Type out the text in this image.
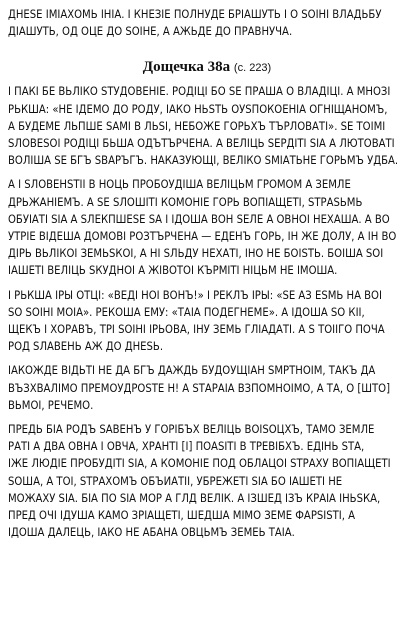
ДНЕSЕ ІМІАХОМЬ ІНІА. І КНЕЗІЕ ПОЛНУДЕ БРІАШУТЬ І О SОІНІ ВЛАДЬБУ
ДІАШУТЬ, ОД ОЦЕ ДО SОІНЕ, А АЖЬДЕ ДО ПРАВНУЧА.

Дощечка 38а (с. 223)

І ПАКІ БЕ ВЬЛІКО SТУДОВЕНІЕ. РОДІЦІ БО SE ПРАША О ВЛАДІЦІ. А МНОЗІ
РЬКША: «НЕ ІДЕМО ДО РОДУ, ІАКО НЬSТЬ ОУSПОКОЕНІА ОГНІЩАНОМЪ,
А БУДЕМЕ ЛЬПШЕ SАМІ В ЛЬSІ, НЕБОЖЕ ГОРЬХЪ ТЪРЛОВАТІ». SE ТОІМІ
SЛОВЕSОІ РОДІЦІ БЬША ОДЪТЪРЧЕНА. А ВЕЛІЦЬ SЕРДІТІ SІА А ЛЮТОВАТІ
ВОЛІША SE БГЪ SВАРЪГЪ. НАКАЗУЮЩІ, ВЕЛІКО SМІАТЬНЕ ГОРЬМЪ УДБА.

А І SЛОВЕНSТІІ В НОЦЬ ПРОБОУДІША ВЕЛІЦЬМ ГРОМОМ А ЗЕМЛЕ
ДРЬЖАНІЕМЪ. А SE SЛОШІТІ КОМОНІЕ ГОРЬ ВОПІАЩЕТІ, SТРАSЬМЬ
ОБУІАТІ SІА А SЛЕКПШЕSЕ SА І ІДОША ВОН SЕЛЕ А ОВНОІ НЕХАША. А ВО
УТРІЕ ВІДЕША ДОМОВІ РОЗТЪРЧЕНА — ЕДЕНЪ ГОРЬ, ІН ЖЕ ДОЛУ, А ІН ВО
ДІРЬ ВЬЛІКОІ ЗЕМЬSКОІ, А НІ SЛЬДУ НЕХАТІ, ІНО НЕ БОІSТЬ. БОІША SОІ
ІАШЕТІ ВЕЛІЦЬ SКУДНОІ А ЖІВОТОІ КЪРМІТІ НІЦЬМ НЕ ІМОША.

І РЬКША ІРЫ ОТЦІ: «ВЕДІ НОІ ВОНЪ!» І РЕКЛЪ ІРЫ: «SЕ АЗ ЕSМЬ НА ВОІ
SО SОІНІ МОІА». РЕКОША ЕМУ: «ТАІА ПОДЕГНЕМЕ». А ІДОША SО КІІ,
ЩЕКЪ І ХОРАВЪ, ТРІ SОІНІ ІРЬОВА, ІНУ ЗЕМЬ ГЛІАДАТІ. А S ТОІІГО ПОЧА
РОД SЛАВЕНЬ АЖ ДО ДНЕSЬ.

ІАКОЖДЕ ВІДЬТІ НЕ ДА БГЪ ДАЖДЬ БУДОУЩІАН SМРТНОІМ, ТАКЪ ДА
ВЪЗХВАЛІМО ПРЕМОУДРОSТЕ Н! А SТАРАІА ВЗПОМНОІМО, А ТА, О [ШТО]
ВЬМОІ, РЕЧЕМО.

ПРЕДЬ БІА РОДЪ SАВЕНЪ У ГОРІБЪХ ВЕЛІЦЬ ВОІSОЦХЪ, ТАМО ЗЕМЛЕ
РАТІ А ДВА ОВНА І ОВЧА, ХРАНТІ [І] ПОАSІТІ В ТРЕВІБХЪ. ЕДІНЬ SТА,
ІЖЕ ЛЮДІЕ ПРОБУДІТІ SІА, А КОМОНІЕ ПОД ОБЛАЦОІ SТРАХУ ВОПІАЩЕТІ
SОША, А ТОІ, SТРАХОМЪ ОБЪИАТІІ, УБРЕЖЕТІ SІА БО ІАШЕТІ НЕ
МОЖАХУ SІА. БІА ПО SІА МОР А ГЛД ВЕЛІК. А ІЗШЕД ІЗЪ КРАІА ІНЬSКА,
ПРЕД ОЧІ ІДУША КАМО ЗРІАЩЕТІ, ШЕДША МІМО ЗЕМЕ ФАРSІSТІ, А
ІДОША ДАЛЕЦЬ, ІАКО НЕ АБАНА ОВЦЬМЪ ЗЕМЕЬ ТАІА.
